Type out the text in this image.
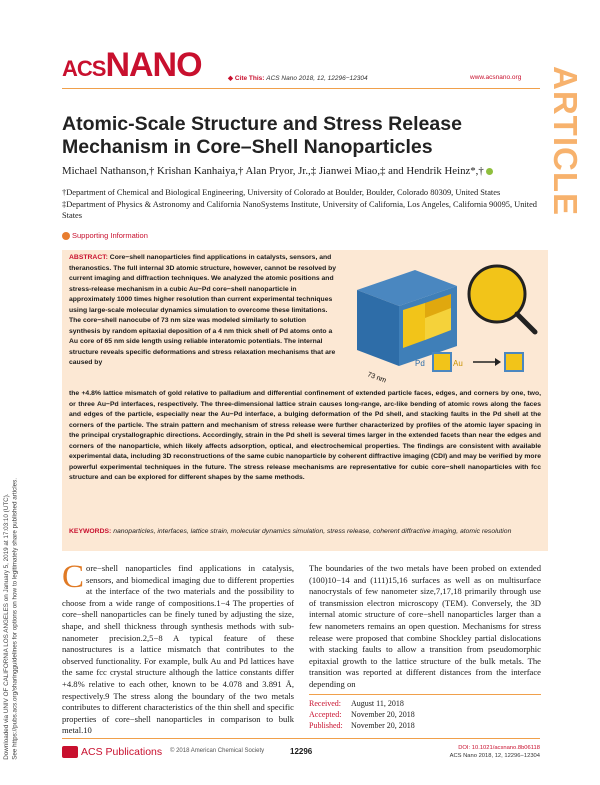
Downloaded via UNIV OF CALIFORNIA LOS ANGELES on January 5, 2019 at 17:03:10 (UTC).
See https://pubs.acs.org/sharingguidelines for options on how to legitimately share published articles.
ACSNANO	◆ Cite This: ACS Nano 2018, 12, 12296−12304	www.acsnano.org ARTICLE
Atomic-Scale Structure and Stress Release Mechanism in Core–Shell Nanoparticles
Michael Nathanson,† Krishan Kanhaiya,† Alan Pryor, Jr.,‡ Jianwei Miao,‡ and Hendrik Heinz*,†
†Department of Chemical and Biological Engineering, University of Colorado at Boulder, Boulder, Colorado 80309, United States
‡Department of Physics & Astronomy and California NanoSystems Institute, University of California, Los Angeles, California 90095, United States
Supporting Information
ABSTRACT: Core−shell nanoparticles find applications in catalysts, sensors, and theranostics. The full internal 3D atomic structure, however, cannot be resolved by current imaging and diffraction techniques. We analyzed the atomic positions and stress-release mechanism in a cubic Au−Pd core−shell nanoparticle in approximately 1000 times higher resolution than current experimental techniques using large-scale molecular dynamics simulation to overcome these limitations. The core−shell nanocube of 73 nm size was modeled similarly to solution synthesis by random epitaxial deposition of a 4 nm thick shell of Pd atoms onto a Au core of 65 nm side length using reliable interatomic potentials. The internal structure reveals specific deformations and stress relaxation mechanisms that are caused by
the +4.8% lattice mismatch of gold relative to palladium and differential confinement of extended particle faces, edges, and corners by one, two, or three Au−Pd interfaces, respectively. The three-dimensional lattice strain causes long-range, arc-like bending of atomic rows along the faces and edges of the particle, especially near the Au−Pd interface, a bulging deformation of the Pd shell, and stacking faults in the Pd shell at the corners of the particle. The strain pattern and mechanism of stress release were further characterized by profiles of the atomic layer spacing in the principal crystallographic directions. Accordingly, strain in the Pd shell is several times larger in the extended facets than near the edges and corners of the nanoparticle, which likely affects adsorption, optical, and electrochemical properties. The findings are consistent with available experimental data, including 3D reconstructions of the same cubic nanoparticle by coherent diffractive imaging (CDI) and may be verified by more powerful experimental techniques in the future. The stress release mechanisms are representative for cubic core−shell nanoparticles with fcc structure and can be explored for different shapes by the same methods.
KEYWORDS: nanoparticles, interfaces, lattice strain, molecular dynamics simulation, stress release, coherent diffractive imaging, atomic resolution
73 nm
Pd	Au
Core−shell nanoparticles find applications in catalysis, sensors, and biomedical imaging due to different properties at the interface of the two materials and the possibility to choose from a wide range of compositions.1−4 The properties of core−shell nanoparticles can be finely tuned by adjusting the size, shape, and shell thickness through synthesis methods with sub-nanometer precision.2,5−8 A typical feature of these nanostructures is a lattice mismatch that contributes to the observed functionality. For example, bulk Au and Pd lattices have the same fcc crystal structure although the lattice constants differ +4.8% relative to each other, known to be 4.078 and 3.891 Å, respectively.9 The stress along the boundary of the two metals contributes to different characteristics of the thin shell and specific properties of core−shell nanoparticles in comparison to bulk metal.10
The boundaries of the two metals have been probed on extended (100)10−14 and (111)15,16 surfaces as well as on multisurface nanocrystals of few nanometer size,7,17,18 primarily through use of transmission electron microscopy (TEM). Conversely, the 3D internal atomic structure of core−shell nanoparticles larger than a few nanometers remains an open question. Mechanisms for stress release were proposed that combine Shockley partial dislocations with stacking faults to allow a transition from pseudomorphic epitaxial growth to the lattice structure of the bulk metals. The transition was reported at different distances from the interface depending on
Received: August 11, 2018
Accepted: November 20, 2018
Published: November 20, 2018
ACS Publications © 2018 American Chemical Society	12296	DOI: 10.1021/acsnano.8b06118
ACS Nano 2018, 12, 12296−12304
